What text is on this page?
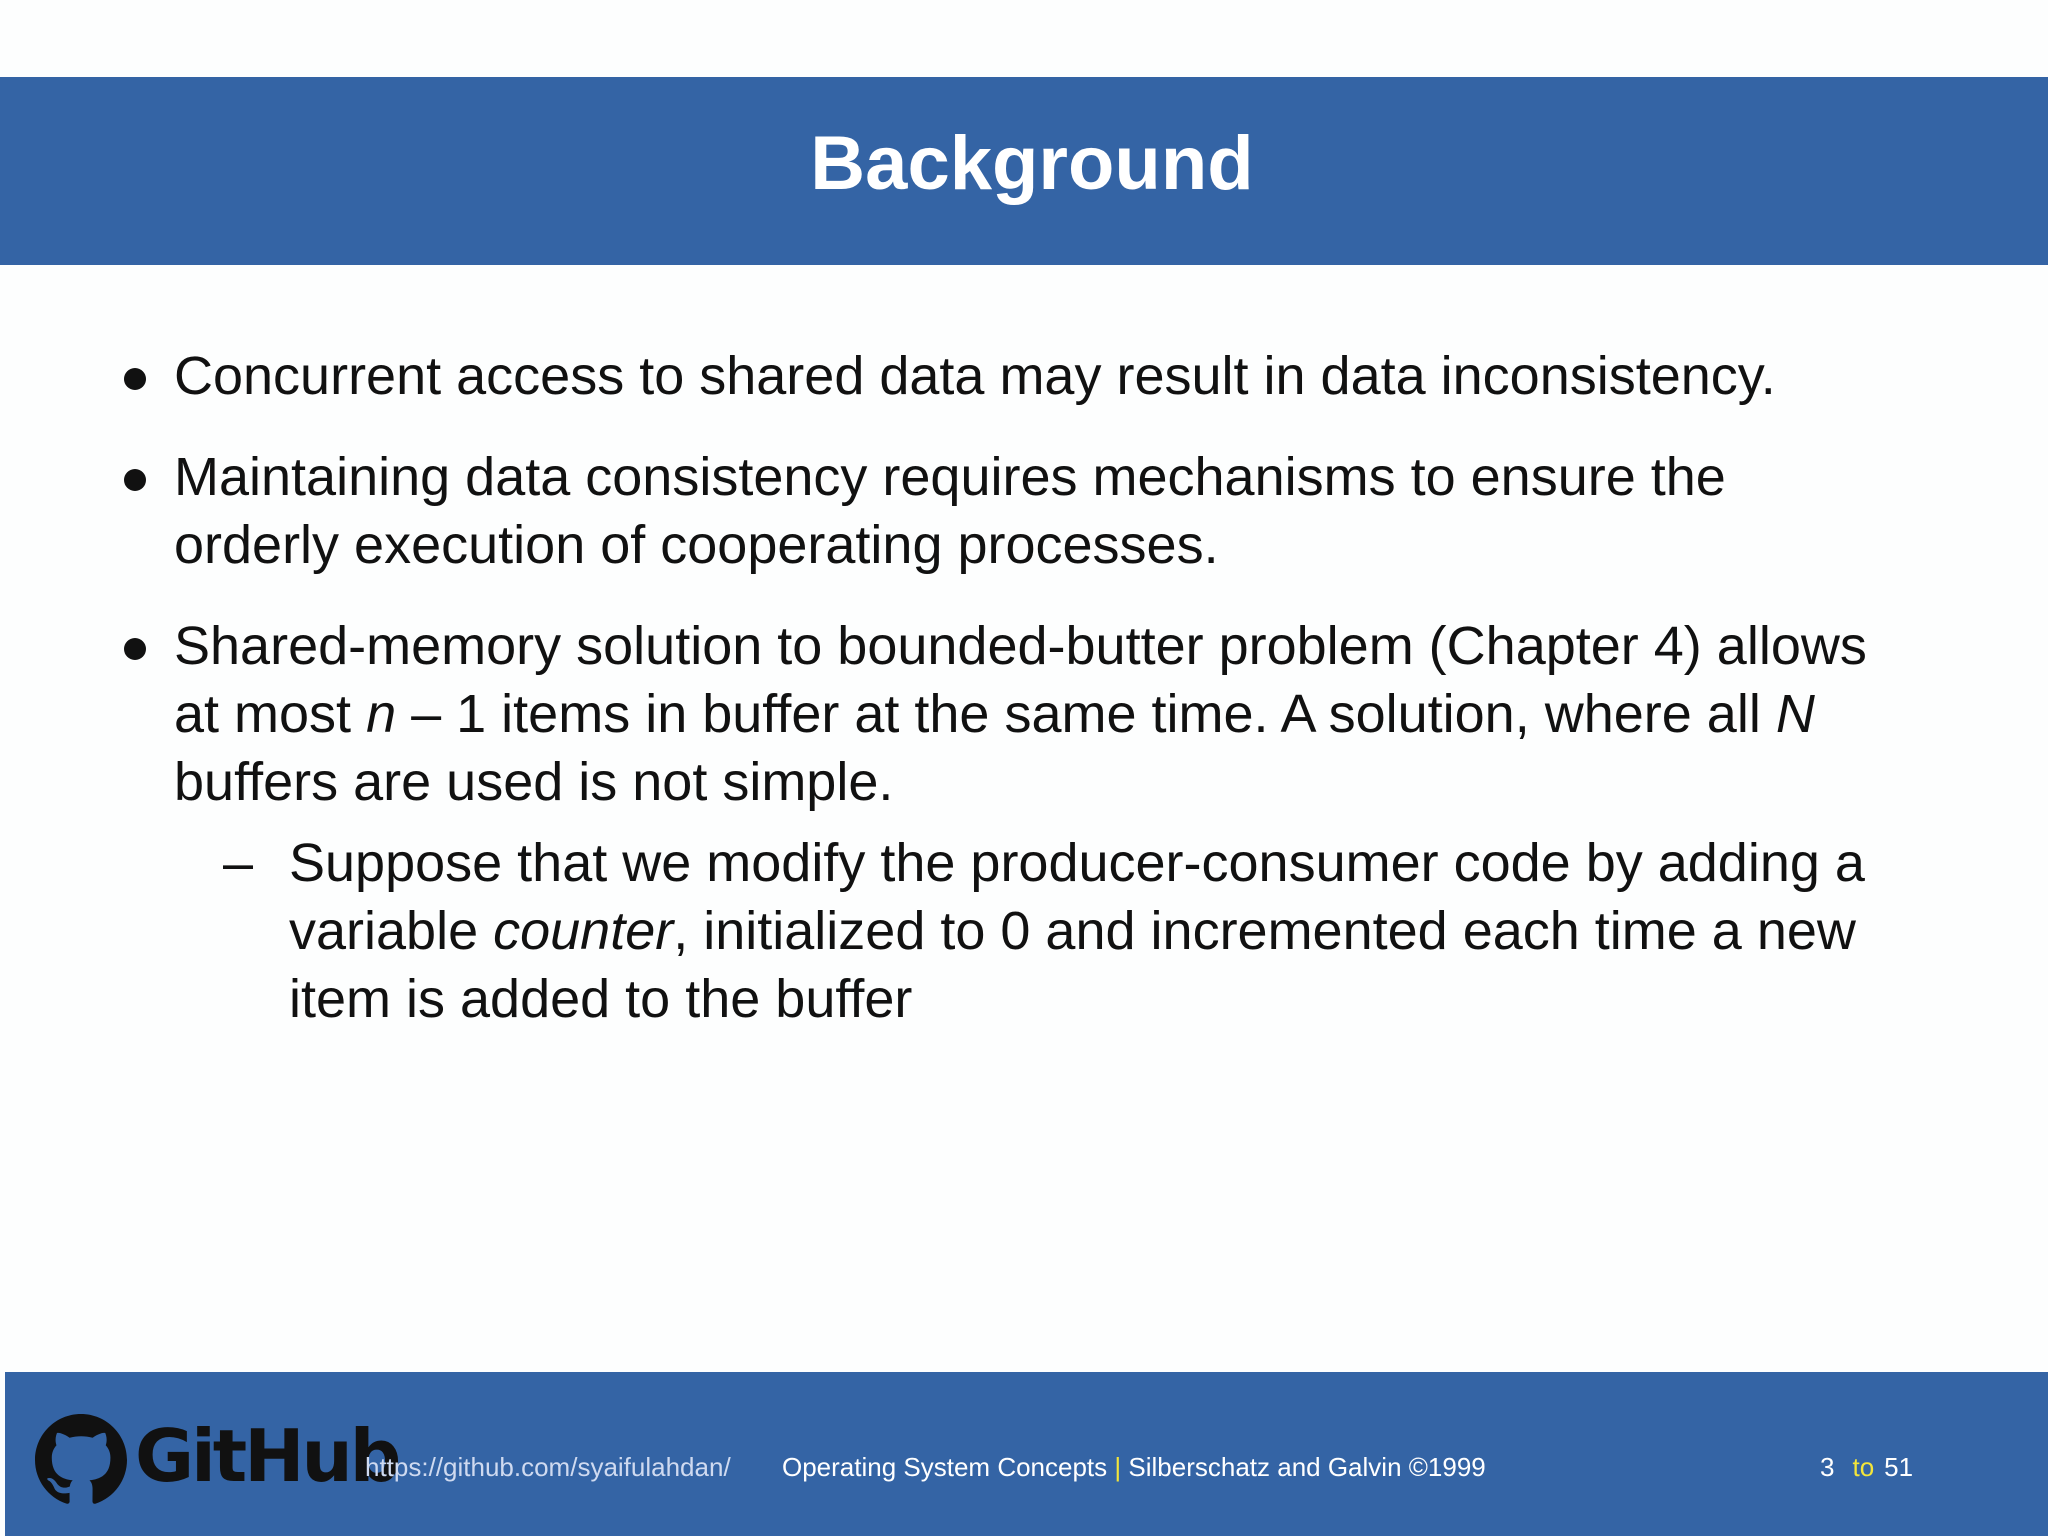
Background
Concurrent access to shared data may result in data inconsistency.
Maintaining data consistency requires mechanisms to ensure the
orderly execution of cooperating processes.
Shared-memory solution to bounded-butter problem (Chapter 4) allows
at most n – 1 items in buffer at the same time. A solution, where all N
buffers are used is not simple.
– Suppose that we modify the producer-consumer code by adding a
variable counter, initialized to 0 and incremented each time a new
item is added to the buffer
GitHub
https://github.com/syaifulahdan/ Operating System Concepts | Silberschatz and Galvin ©1999	3 to 51
